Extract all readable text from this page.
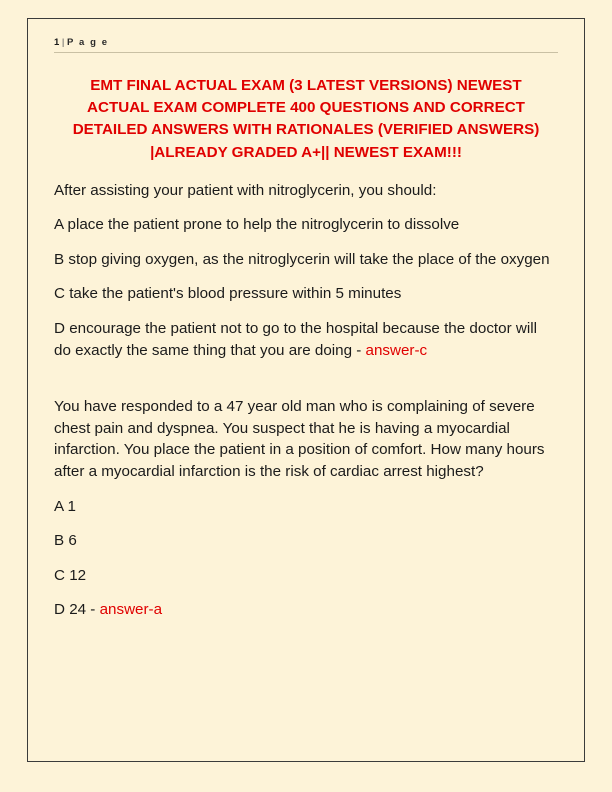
1 | P a g e
EMT FINAL ACTUAL EXAM (3 LATEST VERSIONS) NEWEST ACTUAL EXAM COMPLETE 400 QUESTIONS AND CORRECT DETAILED ANSWERS WITH RATIONALES (VERIFIED ANSWERS) |ALREADY GRADED A+|| NEWEST EXAM!!!

After assisting your patient with nitroglycerin, you should:

A place the patient prone to help the nitroglycerin to dissolve

B stop giving oxygen, as the nitroglycerin will take the place of the oxygen

C take the patient's blood pressure within 5 minutes

D encourage the patient not to go to the hospital because the doctor will do exactly the same thing that you are doing - answer-c

You have responded to a 47 year old man who is complaining of severe chest pain and dyspnea. You suspect that he is having a myocardial infarction. You place the patient in a position of comfort. How many hours after a myocardial infarction is the risk of cardiac arrest highest?

A 1

B 6

C 12

D 24 - answer-a
